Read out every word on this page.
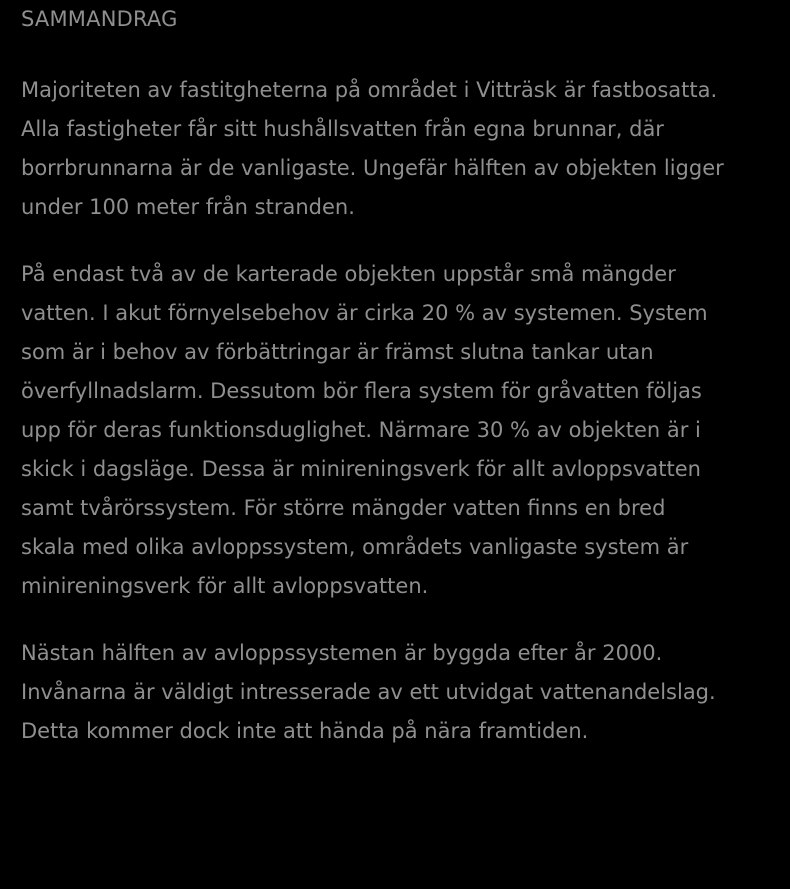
SAMMANDRAG

Majoriteten av fastitgheterna på området i Vitträsk är fastbosatta.
Alla fastigheter får sitt hushållsvatten från egna brunnar, där
borrbrunnarna är de vanligaste. Ungefär hälften av objekten ligger
under 100 meter från stranden.

På endast två av de karterade objekten uppstår små mängder
vatten. I akut förnyelsebehov är cirka 20 % av systemen. System
som är i behov av förbättringar är främst slutna tankar utan
överfyllnadslarm. Dessutom bör flera system för gråvatten följas
upp för deras funktionsduglighet. Närmare 30 % av objekten är i
skick i dagsläge. Dessa är minireningsverk för allt avloppsvatten
samt tvårörssystem. För större mängder vatten finns en bred
skala med olika avloppssystem, områdets vanligaste system är
minireningsverk för allt avloppsvatten.

Nästan hälften av avloppssystemen är byggda efter år 2000.
Invånarna är väldigt intresserade av ett utvidgat vattenandelslag.
Detta kommer dock inte att hända på nära framtiden.
